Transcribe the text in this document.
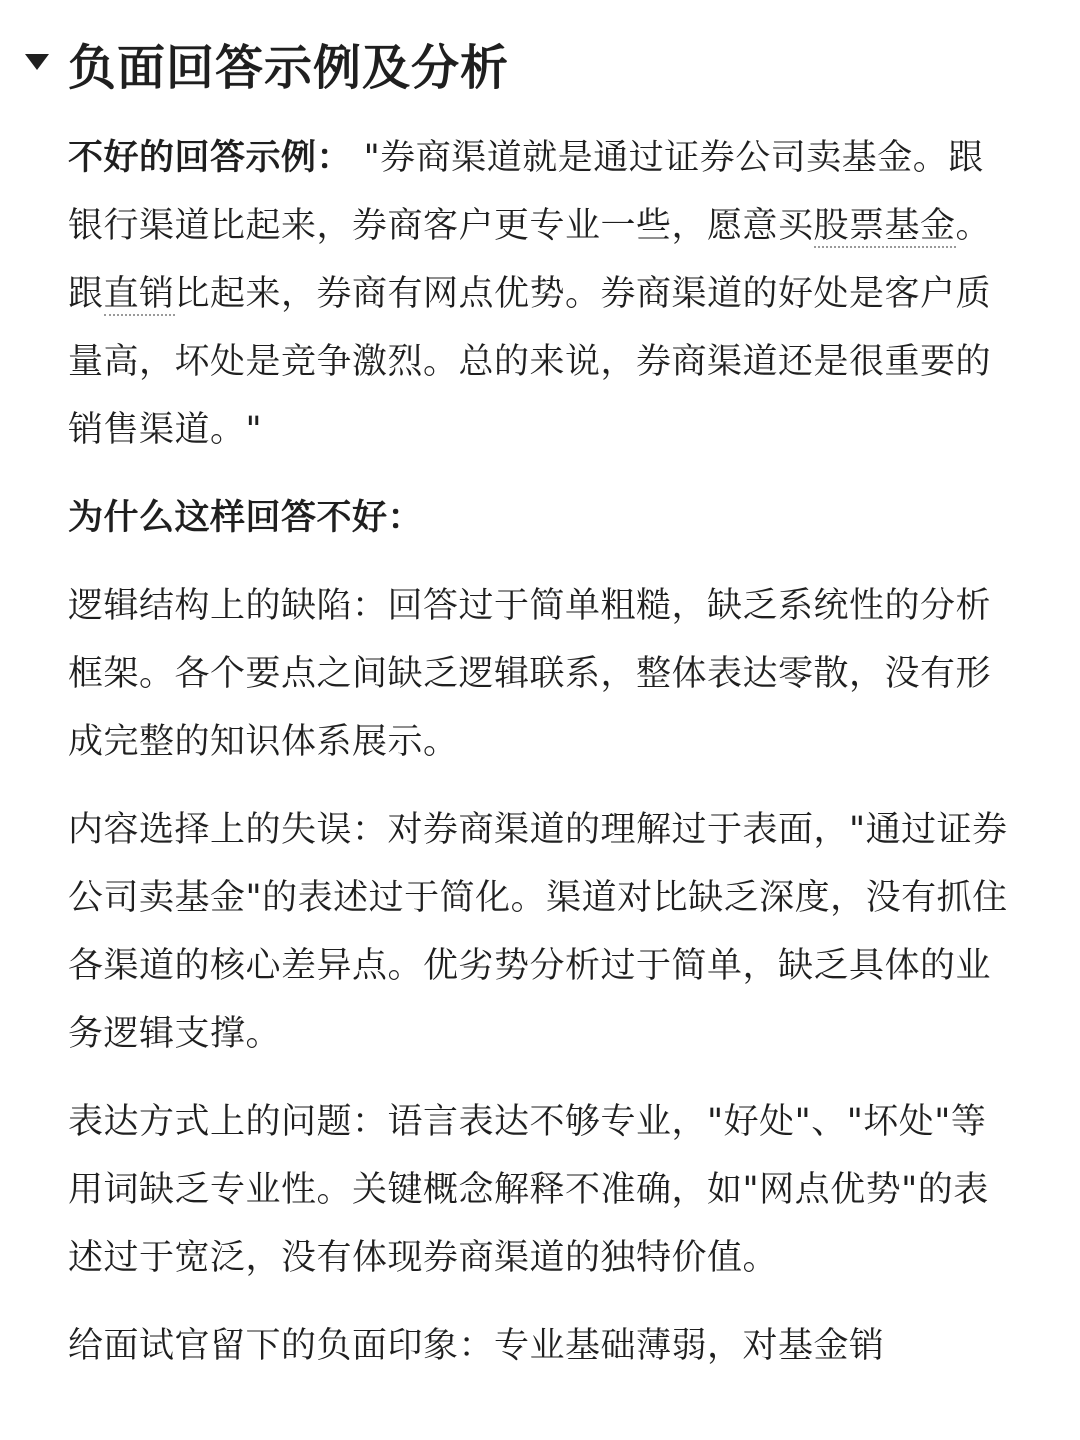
负面回答示例及分析

不好的回答示例： "券商渠道就是通过证券公司卖基金。跟银行渠道比起来，券商客户更专业一些，愿意买股票基金。跟直销比起来，券商有网点优势。券商渠道的好处是客户质量高，坏处是竞争激烈。总的来说，券商渠道还是很重要的销售渠道。"

为什么这样回答不好：

逻辑结构上的缺陷：回答过于简单粗糙，缺乏系统性的分析框架。各个要点之间缺乏逻辑联系，整体表达零散，没有形成完整的知识体系展示。

内容选择上的失误：对券商渠道的理解过于表面，"通过证券公司卖基金"的表述过于简化。渠道对比缺乏深度，没有抓住各渠道的核心差异点。优劣势分析过于简单，缺乏具体的业务逻辑支撑。

表达方式上的问题：语言表达不够专业，"好处"、"坏处"等用词缺乏专业性。关键概念解释不准确，如"网点优势"的表述过于宽泛，没有体现券商渠道的独特价值。

给面试官留下的负面印象：专业基础薄弱，对基金销
